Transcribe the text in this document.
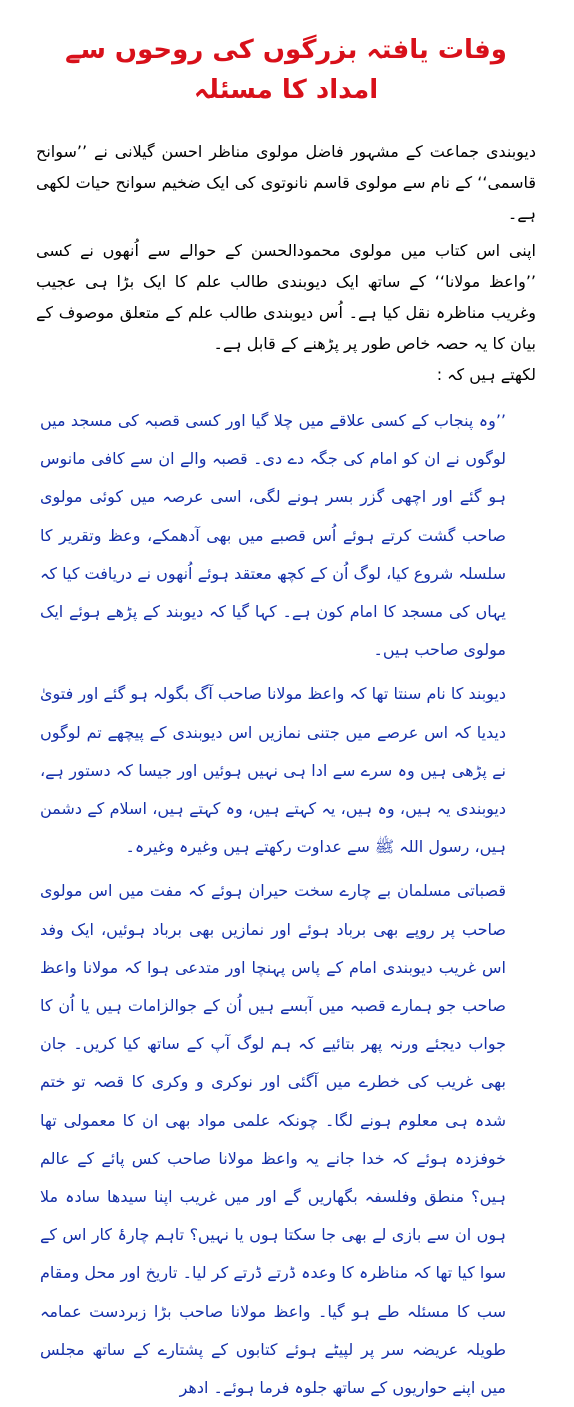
وفات یافتہ بزرگوں کی روحوں سے امداد کا مسئلہ

دیوبندی جماعت کے مشہور فاضل مولوی مناظر احسن گیلانی نے ’’سوانح قاسمی‘‘ کے نام سے مولوی قاسم نانوتوی کی ایک ضخیم سوانح حیات لکھی ہے۔

اپنی اس کتاب میں مولوی محمودالحسن کے حوالے سے اُنھوں نے کسی ’’واعظ مولانا‘‘ کے ساتھ ایک دیوبندی طالب علم کا ایک بڑا ہی عجیب وغریب مناظرہ نقل کیا ہے۔ اُس دیوبندی طالب علم کے متعلق موصوف کے بیان کا یہ حصہ خاص طور پر پڑھنے کے قابل ہے۔

لکھتے ہیں کہ :

’’وہ پنجاب کے کسی علاقے میں چلا گیا اور کسی قصبہ کی مسجد میں لوگوں نے ان کو امام کی جگہ دے دی۔ قصبہ والے ان سے کافی مانوس ہو گئے اور اچھی گزر بسر ہونے لگی، اسی عرصہ میں کوئی مولوی صاحب گشت کرتے ہوئے اُس قصبے میں بھی آدھمکے، وعظ وتقریر کا سلسلہ شروع کیا، لوگ اُن کے کچھ معتقد ہوئے اُنھوں نے دریافت کیا کہ یہاں کی مسجد کا امام کون ہے۔ کہا گیا کہ دیوبند کے پڑھے ہوئے ایک مولوی صاحب ہیں۔

دیوبند کا نام سنتا تھا کہ واعظ مولانا صاحب آگ بگولہ ہو گئے اور فتویٰ دیدیا کہ اس عرصے میں جتنی نمازیں اس دیوبندی کے پیچھے تم لوگوں نے پڑھی ہیں وہ سرے سے ادا ہی نہیں ہوئیں اور جیسا کہ دستور ہے، دیوبندی یہ ہیں، وہ ہیں، یہ کہتے ہیں، وہ کہتے ہیں، اسلام کے دشمن ہیں، رسول اللہ ﷺ سے عداوت رکھتے ہیں وغیرہ وغیرہ۔

قصباتی مسلمان بے چارے سخت حیران ہوئے کہ مفت میں اس مولوی صاحب پر روپے بھی برباد ہوئے اور نمازیں بھی برباد ہوئیں، ایک وفد اس غریب دیوبندی امام کے پاس پہنچا اور متدعی ہوا کہ مولانا واعظ صاحب جو ہمارے قصبہ میں آبسے ہیں اُن کے جوالزامات ہیں یا اُن کا جواب دیجئے ورنہ پھر بتائیے کہ ہم لوگ آپ کے ساتھ کیا کریں۔ جان بھی غریب کی خطرے میں آگئی اور نوکری و وکری کا قصہ تو ختم شدہ ہی معلوم ہونے لگا۔ چونکہ علمی مواد بھی ان کا معمولی تھا خوفزدہ ہوئے کہ خدا جانے یہ واعظ مولانا صاحب کس پائے کے عالم ہیں؟ منطق وفلسفہ بگھاریں گے اور میں غریب اپنا سیدھا سادہ ملا ہوں ان سے بازی لے بھی جا سکتا ہوں یا نہیں؟ تاہم چارۂ کار اس کے سوا کیا تھا کہ مناظرہ کا وعدہ ڈرتے ڈرتے کر لیا۔ تاریخ اور محل ومقام سب کا مسئلہ طے ہو گیا۔ واعظ مولانا صاحب بڑا زبردست عمامہ طویلہ عریضہ سر پر لپیٹے ہوئے کتابوں کے پشتارے کے ساتھ مجلس میں اپنے حواریوں کے ساتھ جلوہ فرما ہوئے۔ ادھر
